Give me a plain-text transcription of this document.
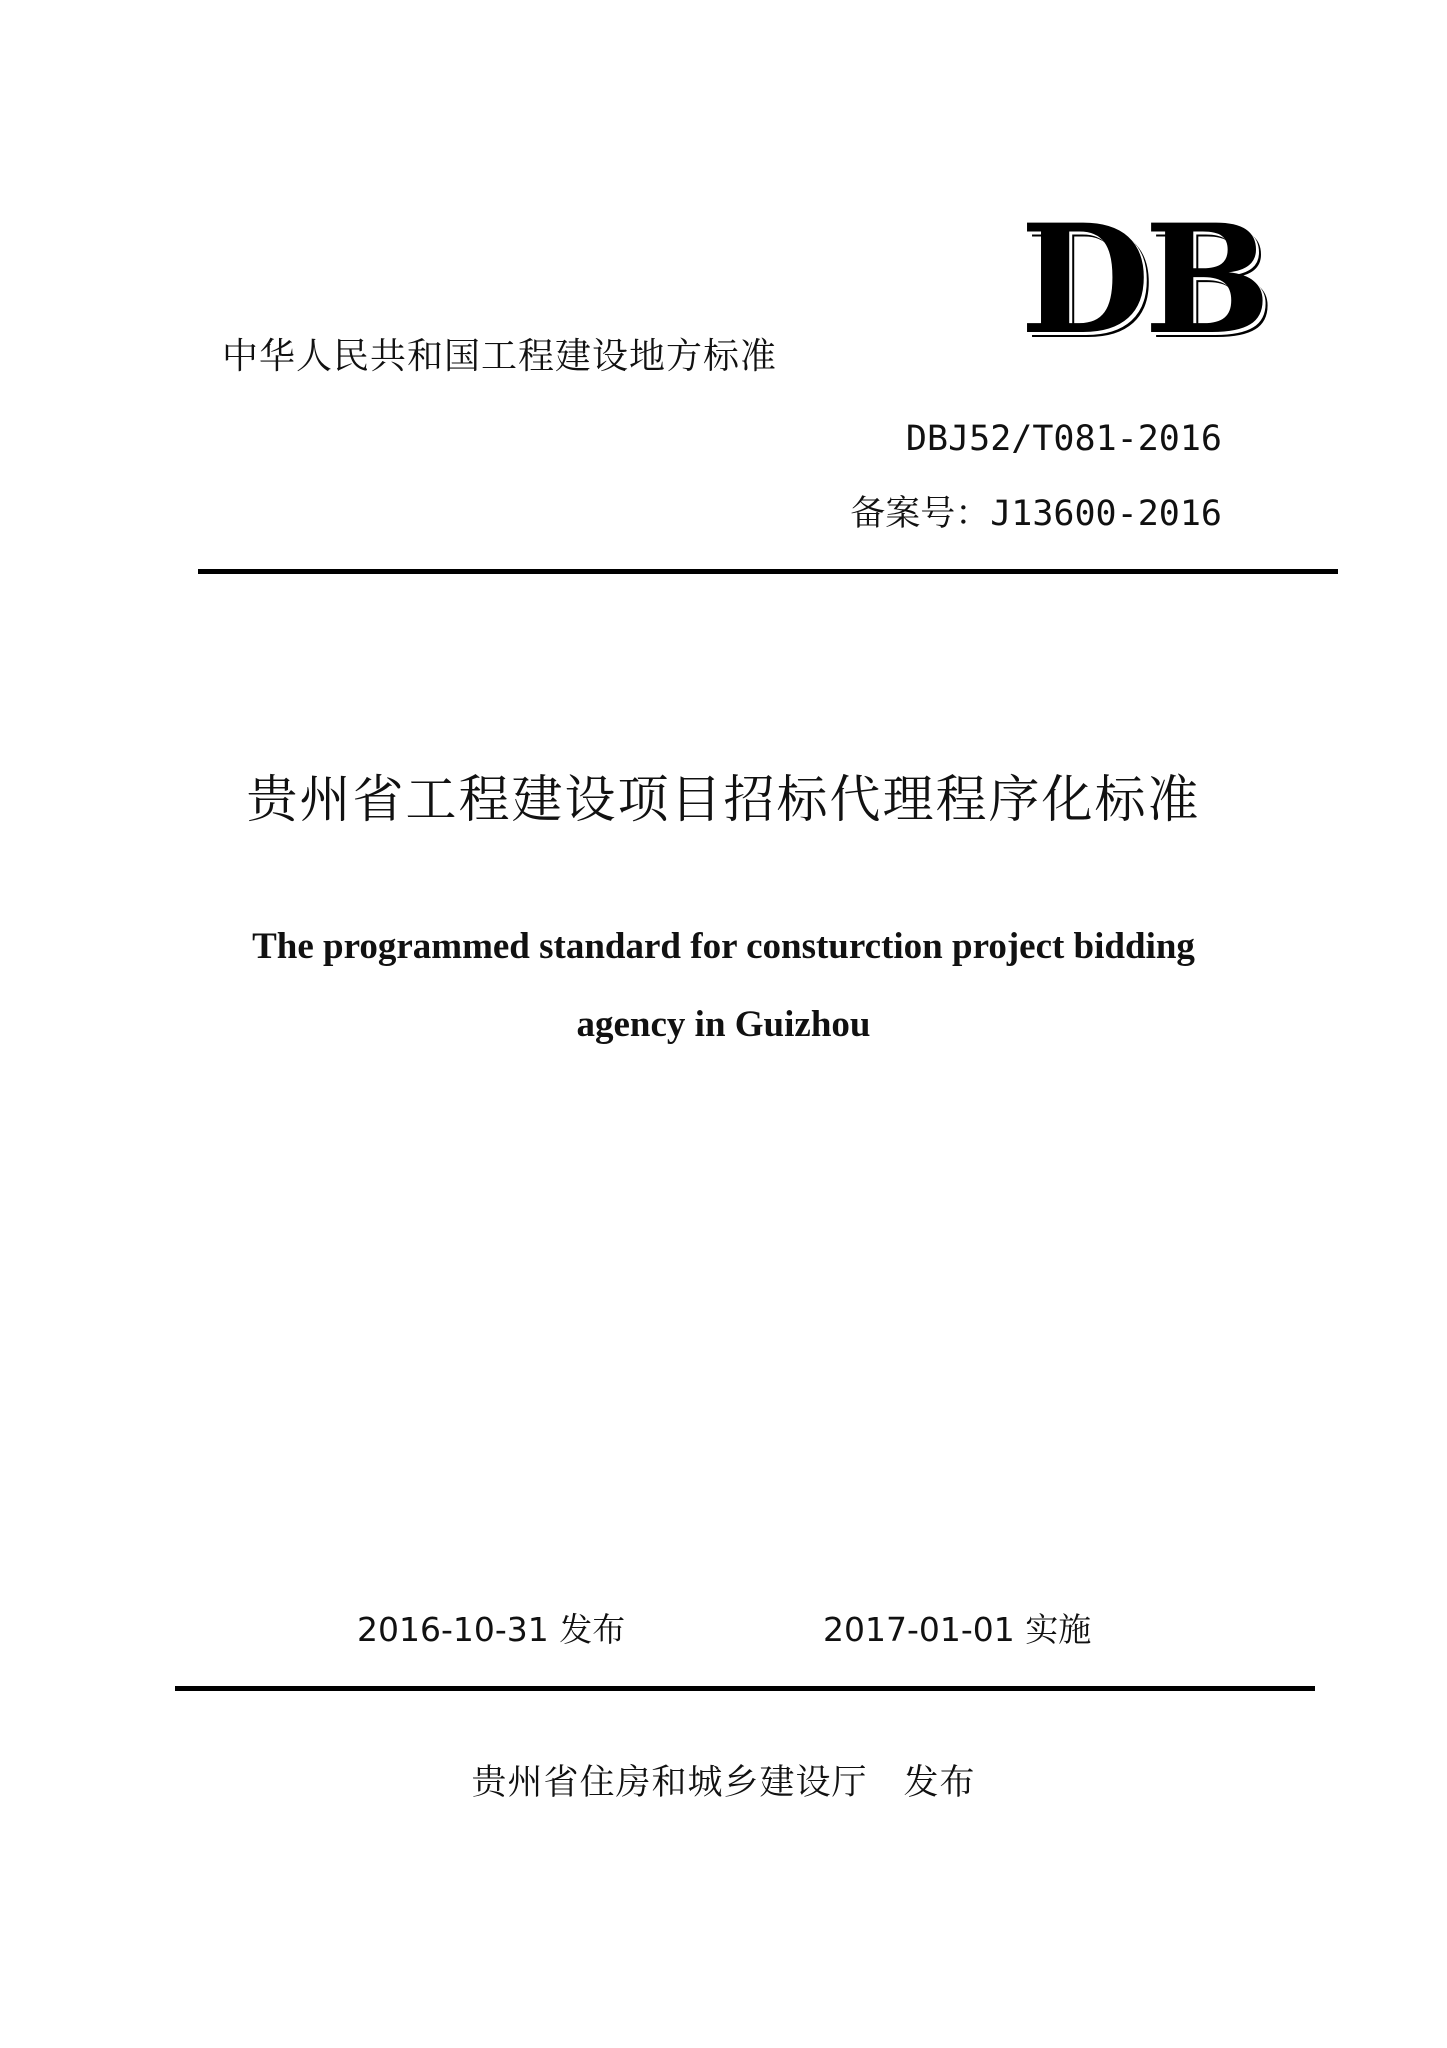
DB
中华人民共和国工程建设地方标准
DBJ52/T081-2016
备案号：J13600-2016
贵州省工程建设项目招标代理程序化标准
The programmed standard for consturction project bidding
agency in Guizhou
2016-10-31 发布	2017-01-01 实施
贵州省住房和城乡建设厅　发布
